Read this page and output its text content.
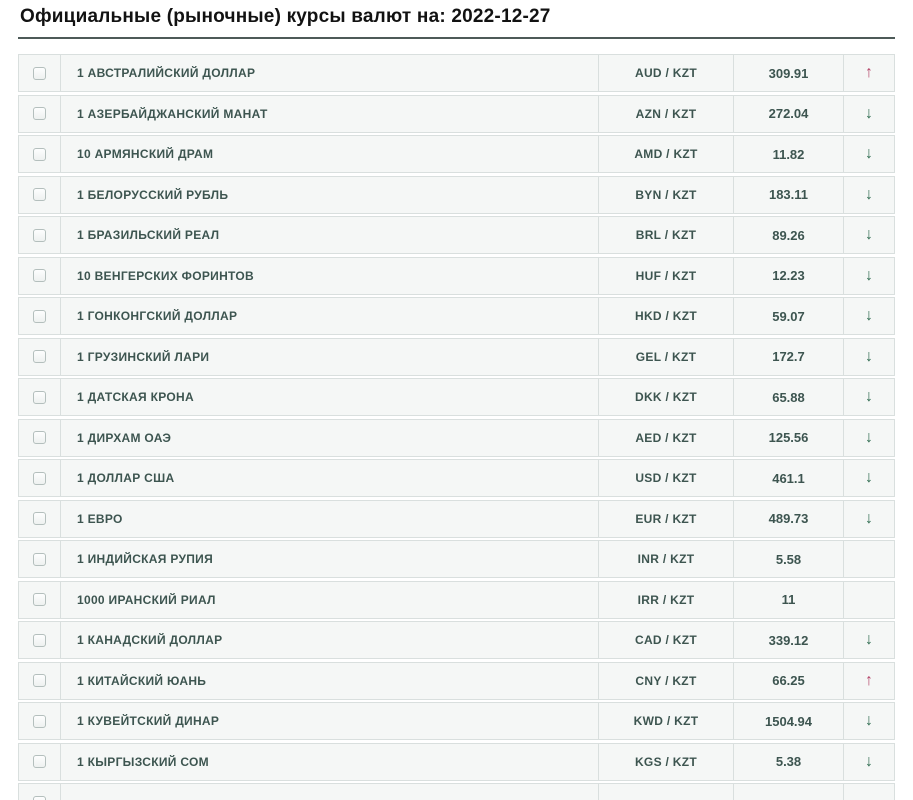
Официальные (рыночные) курсы валют на: 2022-12-27
1 АВСТРАЛИЙСКИЙ ДОЛЛАР	AUD / KZT	309.91	↑
1 АЗЕРБАЙДЖАНСКИЙ МАНАТ	AZN / KZT	272.04	↓
10 АРМЯНСКИЙ ДРАМ	AMD / KZT	11.82	↓
1 БЕЛОРУССКИЙ РУБЛЬ	BYN / KZT	183.11	↓
1 БРАЗИЛЬСКИЙ РЕАЛ	BRL / KZT	89.26	↓
10 ВЕНГЕРСКИХ ФОРИНТОВ	HUF / KZT	12.23	↓
1 ГОНКОНГСКИЙ ДОЛЛАР	HKD / KZT	59.07	↓
1 ГРУЗИНСКИЙ ЛАРИ	GEL / KZT	172.7	↓
1 ДАТСКАЯ КРОНА	DKK / KZT	65.88	↓
1 ДИРХАМ ОАЭ	AED / KZT	125.56	↓
1 ДОЛЛАР США	USD / KZT	461.1	↓
1 ЕВРО	EUR / KZT	489.73	↓
1 ИНДИЙСКАЯ РУПИЯ	INR / KZT	5.58
1000 ИРАНСКИЙ РИАЛ	IRR / KZT	11
1 КАНАДСКИЙ ДОЛЛАР	CAD / KZT	339.12	↓
1 КИТАЙСКИЙ ЮАНЬ	CNY / KZT	66.25	↑
1 КУВЕЙТСКИЙ ДИНАР	KWD / KZT	1504.94	↓
1 КЫРГЫЗСКИЙ СОМ	KGS / KZT	5.38	↓
